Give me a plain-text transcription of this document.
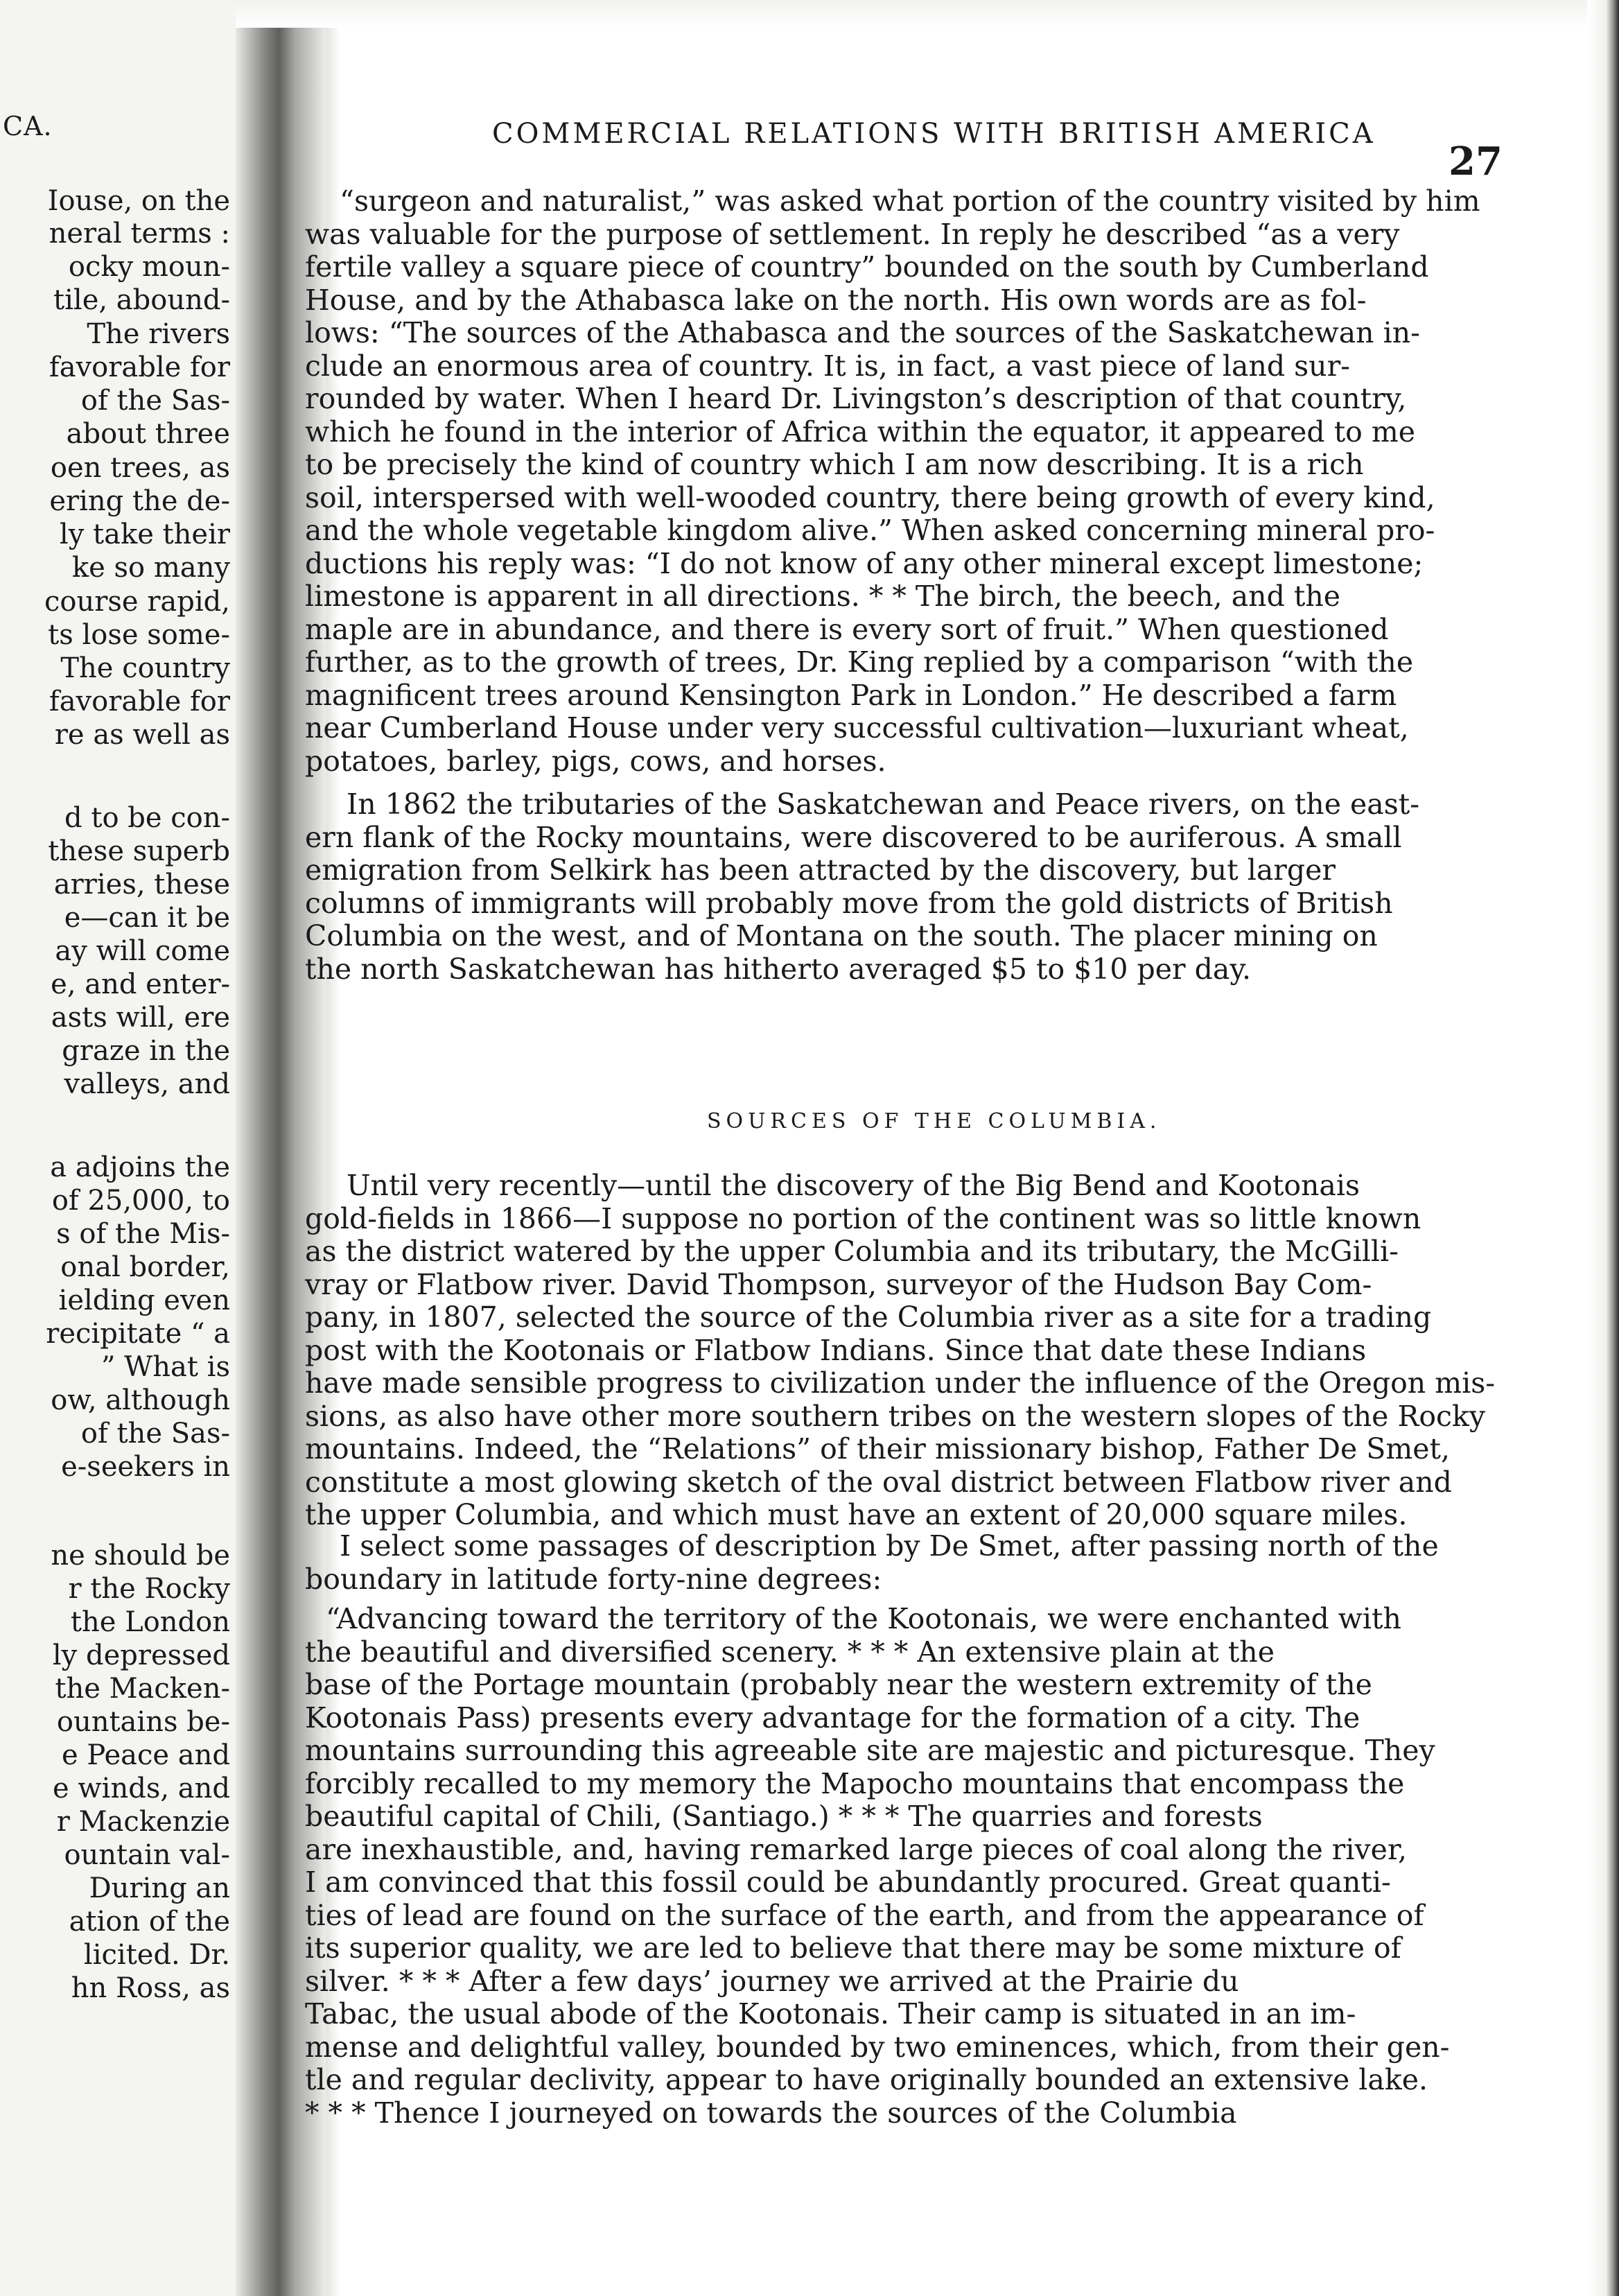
CA.
Iouse, on the
neral terms :
ocky moun-
tile, abound-
The rivers
favorable for
of the Sas-
about three
oen trees, as
ering the de-
ly take their
ke so many
course rapid,
ts lose some-
The country
favorable for
re as well as
d to be con-
these superb
arries, these
e—can it be
ay will come
e, and enter-
asts will, ere
graze in the
valleys, and
a adjoins the
of 25,000, to
s of the Mis-
onal border,
ielding even
recipitate “ a
” What is
ow, although
of the Sas-
e-seekers in
ne should be
r the Rocky
the London
ly depressed
the Macken-
ountains be-
e Peace and
e winds, and
r Mackenzie
ountain val-
During an
ation of the
licited. Dr.
hn Ross, as
COMMERCIAL RELATIONS WITH BRITISH AMERICA
27
“surgeon and naturalist,” was asked what portion of the country visited by him
was valuable for the purpose of settlement. In reply he described “as a very
fertile valley a square piece of country” bounded on the south by Cumberland
House, and by the Athabasca lake on the north. His own words are as fol-
lows: “The sources of the Athabasca and the sources of the Saskatchewan in-
clude an enormous area of country. It is, in fact, a vast piece of land sur-
rounded by water. When I heard Dr. Livingston’s description of that country,
which he found in the interior of Africa within the equator, it appeared to me
to be precisely the kind of country which I am now describing. It is a rich
soil, interspersed with well-wooded country, there being growth of every kind,
and the whole vegetable kingdom alive.” When asked concerning mineral pro-
ductions his reply was: “I do not know of any other mineral except limestone;
limestone is apparent in all directions. * * The birch, the beech, and the
maple are in abundance, and there is every sort of fruit.” When questioned
further, as to the growth of trees, Dr. King replied by a comparison “with the
magnificent trees around Kensington Park in London.” He described a farm
near Cumberland House under very successful cultivation—luxuriant wheat,
potatoes, barley, pigs, cows, and horses.
In 1862 the tributaries of the Saskatchewan and Peace rivers, on the east-
ern flank of the Rocky mountains, were discovered to be auriferous. A small
emigration from Selkirk has been attracted by the discovery, but larger
columns of immigrants will probably move from the gold districts of British
Columbia on the west, and of Montana on the south. The placer mining on
the north Saskatchewan has hitherto averaged $5 to $10 per day.
SOURCES OF THE COLUMBIA.
Until very recently—until the discovery of the Big Bend and Kootonais
gold-fields in 1866—I suppose no portion of the continent was so little known
as the district watered by the upper Columbia and its tributary, the McGilli-
vray or Flatbow river. David Thompson, surveyor of the Hudson Bay Com-
pany, in 1807, selected the source of the Columbia river as a site for a trading
post with the Kootonais or Flatbow Indians. Since that date these Indians
have made sensible progress to civilization under the influence of the Oregon mis-
sions, as also have other more southern tribes on the western slopes of the Rocky
mountains. Indeed, the “Relations” of their missionary bishop, Father De Smet,
constitute a most glowing sketch of the oval district between Flatbow river and
the upper Columbia, and which must have an extent of 20,000 square miles.
I select some passages of description by De Smet, after passing north of the
boundary in latitude forty-nine degrees:
“Advancing toward the territory of the Kootonais, we were enchanted with
the beautiful and diversified scenery. * * * An extensive plain at the
base of the Portage mountain (probably near the western extremity of the
Kootonais Pass) presents every advantage for the formation of a city. The
mountains surrounding this agreeable site are majestic and picturesque. They
forcibly recalled to my memory the Mapocho mountains that encompass the
beautiful capital of Chili, (Santiago.) * * * The quarries and forests
are inexhaustible, and, having remarked large pieces of coal along the river,
I am convinced that this fossil could be abundantly procured. Great quanti-
ties of lead are found on the surface of the earth, and from the appearance of
its superior quality, we are led to believe that there may be some mixture of
silver. * * * After a few days’ journey we arrived at the Prairie du
Tabac, the usual abode of the Kootonais. Their camp is situated in an im-
mense and delightful valley, bounded by two eminences, which, from their gen-
tle and regular declivity, appear to have originally bounded an extensive lake.
* * * Thence I journeyed on towards the sources of the Columbia
